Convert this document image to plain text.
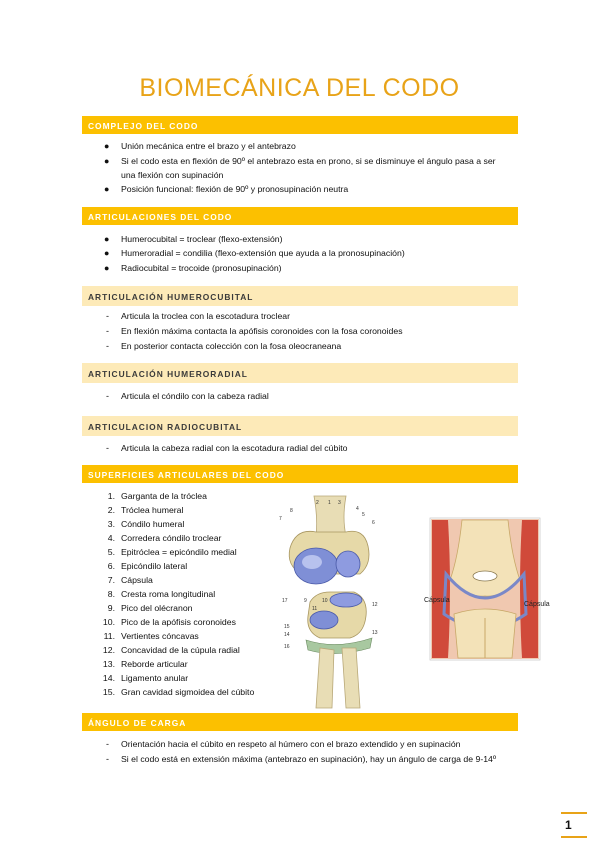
BIOMECÁNICA DEL CODO
COMPLEJO DEL CODO
● Unión mecánica entre el brazo y el antebrazo
● Si el codo esta en flexión de 90º el antebrazo esta en prono, si se disminuye el ángulo pasa a ser
una flexión con supinación
● Posición funcional: flexión de 90º y pronosupinación neutra
ARTICULACIONES DEL CODO
● Humerocubital = troclear (flexo-extensión)
● Humeroradial = condilia (flexo-extensión que ayuda a la pronosupinación)
● Radiocubital = trocoide (pronosupinación)
ARTICULACIÓN HUMEROCUBITAL
- Articula la troclea con la escotadura troclear
- En flexión máxima contacta la apófisis coronoides con la fosa coronoides
- En posterior contacta colección con la fosa oleocraneana
ARTICULACIÓN HUMERORADIAL
- Articula el cóndilo con la cabeza radial
ARTICULACION RADIOCUBITAL
- Articula la cabeza radial con la escotadura radial del cúbito
SUPERFICIES ARTICULARES DEL CODO
1. Garganta de la tróclea
2. Tróclea humeral
3. Cóndilo humeral
4. Corredera cóndilo troclear
5. Epitróclea = epicóndilo medial
6. Epicóndilo lateral
7. Cápsula
8. Cresta roma longitudinal
9. Pico del olécranon
10. Pico de la apófisis coronoides
11. Vertientes cóncavas
12. Concavidad de la cúpula radial
13. Reborde articular
14. Ligamento anular
15. Gran cavidad sigmoidea del cúbito
2 1 3
8
7
4
5
6
11
17
12
15
14	13
16
9	10	Cápsula
Cápsula
ÁNGULO DE CARGA
- Orientación hacia el cúbito en respeto al húmero con el brazo extendido y en supinación
- Si el codo está en extensión máxima (antebrazo en supinación), hay un ángulo de carga de 9-14º
1
